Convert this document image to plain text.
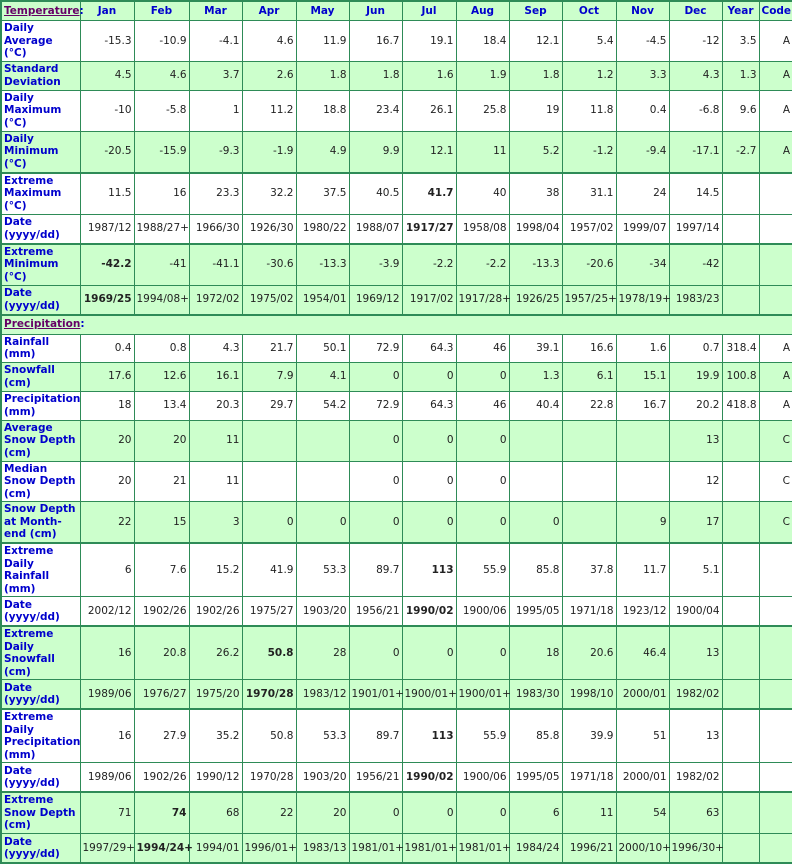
Temperature:	Jan	Feb	Mar	Apr	May	Jun	Jul	Aug	Sep	Oct	Nov	Dec	Year	Code
Daily Average (°C)	-15.3	-10.9	-4.1	4.6	11.9	16.7	19.1	18.4	12.1	5.4	-4.5	-12	3.5	A
Standard Deviation	4.5	4.6	3.7	2.6	1.8	1.8	1.6	1.9	1.8	1.2	3.3	4.3	1.3	A
Daily Maximum (°C)	-10	-5.8	1	11.2	18.8	23.4	26.1	25.8	19	11.8	0.4	-6.8	9.6	A
Daily Minimum (°C)	-20.5	-15.9	-9.3	-1.9	4.9	9.9	12.1	11	5.2	-1.2	-9.4	-17.1	-2.7	A
Extreme Maximum (°C)	11.5	16	23.3	32.2	37.5	40.5	41.7	40	38	31.1	24	14.5		
Date (yyyy/dd)	1987/12	1988/27+	1966/30	1926/30	1980/22	1988/07	1917/27	1958/08	1998/04	1957/02	1999/07	1997/14		
Extreme Minimum (°C)	-42.2	-41	-41.1	-30.6	-13.3	-3.9	-2.2	-2.2	-13.3	-20.6	-34	-42		
Date (yyyy/dd)	1969/25	1994/08+	1972/02	1975/02	1954/01	1969/12	1917/02	1917/28+	1926/25	1957/25+	1978/19+	1983/23		
Precipitation:														
Rainfall (mm)	0.4	0.8	4.3	21.7	50.1	72.9	64.3	46	39.1	16.6	1.6	0.7	318.4	A
Snowfall (cm)	17.6	12.6	16.1	7.9	4.1	0	0	0	1.3	6.1	15.1	19.9	100.8	A
Precipitation (mm)	18	13.4	20.3	29.7	54.2	72.9	64.3	46	40.4	22.8	16.7	20.2	418.8	A
Average Snow Depth (cm)	20	20	11			0	0	0				13		C
Median Snow Depth (cm)	20	21	11			0	0	0				12		C
Snow Depth at Month-end (cm)	22	15	3	0	0	0	0	0	0		9	17		C
Extreme Daily Rainfall (mm)	6	7.6	15.2	41.9	53.3	89.7	113	55.9	85.8	37.8	11.7	5.1		
Date (yyyy/dd)	2002/12	1902/26	1902/26	1975/27	1903/20	1956/21	1990/02	1900/06	1995/05	1971/18	1923/12	1900/04		
Extreme Daily Snowfall (cm)	16	20.8	26.2	50.8	28	0	0	0	18	20.6	46.4	13		
Date (yyyy/dd)	1989/06	1976/27	1975/20	1970/28	1983/12	1901/01+	1900/01+	1900/01+	1983/30	1998/10	2000/01	1982/02		
Extreme Daily Precipitation (mm)	16	27.9	35.2	50.8	53.3	89.7	113	55.9	85.8	39.9	51	13		
Date (yyyy/dd)	1989/06	1902/26	1990/12	1970/28	1903/20	1956/21	1990/02	1900/06	1995/05	1971/18	2000/01	1982/02		
Extreme Snow Depth (cm)	71	74	68	22	20	0	0	0	6	11	54	63		
Date (yyyy/dd)	1997/29+	1994/24+	1994/01	1996/01+	1983/13	1981/01+	1981/01+	1981/01+	1984/24	1996/21	2000/10+	1996/30+		
